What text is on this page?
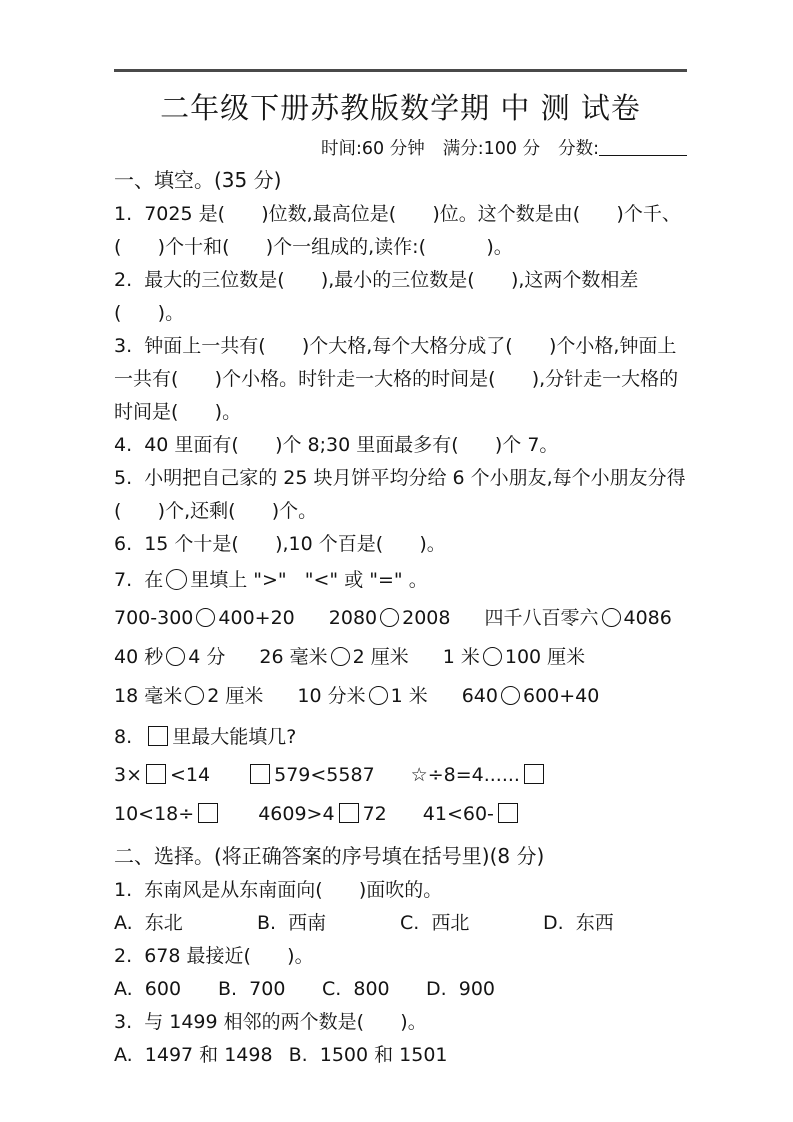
二年级下册苏教版数学期 中 测 试卷
时间:60 分钟 满分:100 分 分数:

一、填空。(35 分)

1.  7025 是(      )位数,最高位是(      )位。这个数是由(      )个千、

(      )个十和(      )个一组成的,读作:(          )。

2.  最大的三位数是(      ),最小的三位数是(      ),这两个数相差

(      )。

3.  钟面上一共有(      )个大格,每个大格分成了(      )个小格,钟面上

一共有(      )个小格。时针走一大格的时间是(      ),分针走一大格的

时间是(      )。

4.  40 里面有(      )个 8;30 里面最多有(      )个 7。

5.  小明把自己家的 25 块月饼平均分给 6 个小朋友,每个小朋友分得

(      )个,还剩(      )个。

6.  15 个十是(      ),10 个百是(      )。

7.  在 里填上 ">"   "<" 或 "=" 。

700-300 400+20 2080 2008 四千八百零六 4086
40 秒 4 分 26 毫米 2 厘米 1 米 100 厘米
18 毫米 2 厘米 10 分米 1 米 640 600+40

8.  里最大能填几?

3× <14	579<5587 ☆÷8=4......
10<18÷	4609>4 72 41<60-

二、选择。(将正确答案的序号填在括号里)(8 分)

1.  东南风是从东南面向(      )面吹的。

A.  东北	B.  西南	C.  西北	D.  东西

2.  678 最接近(      )。

A.  600	B.  700	C.  800	D.  900

3.  与 1499 相邻的两个数是(      )。

A.  1497 和 1498 B.  1500 和 1501
